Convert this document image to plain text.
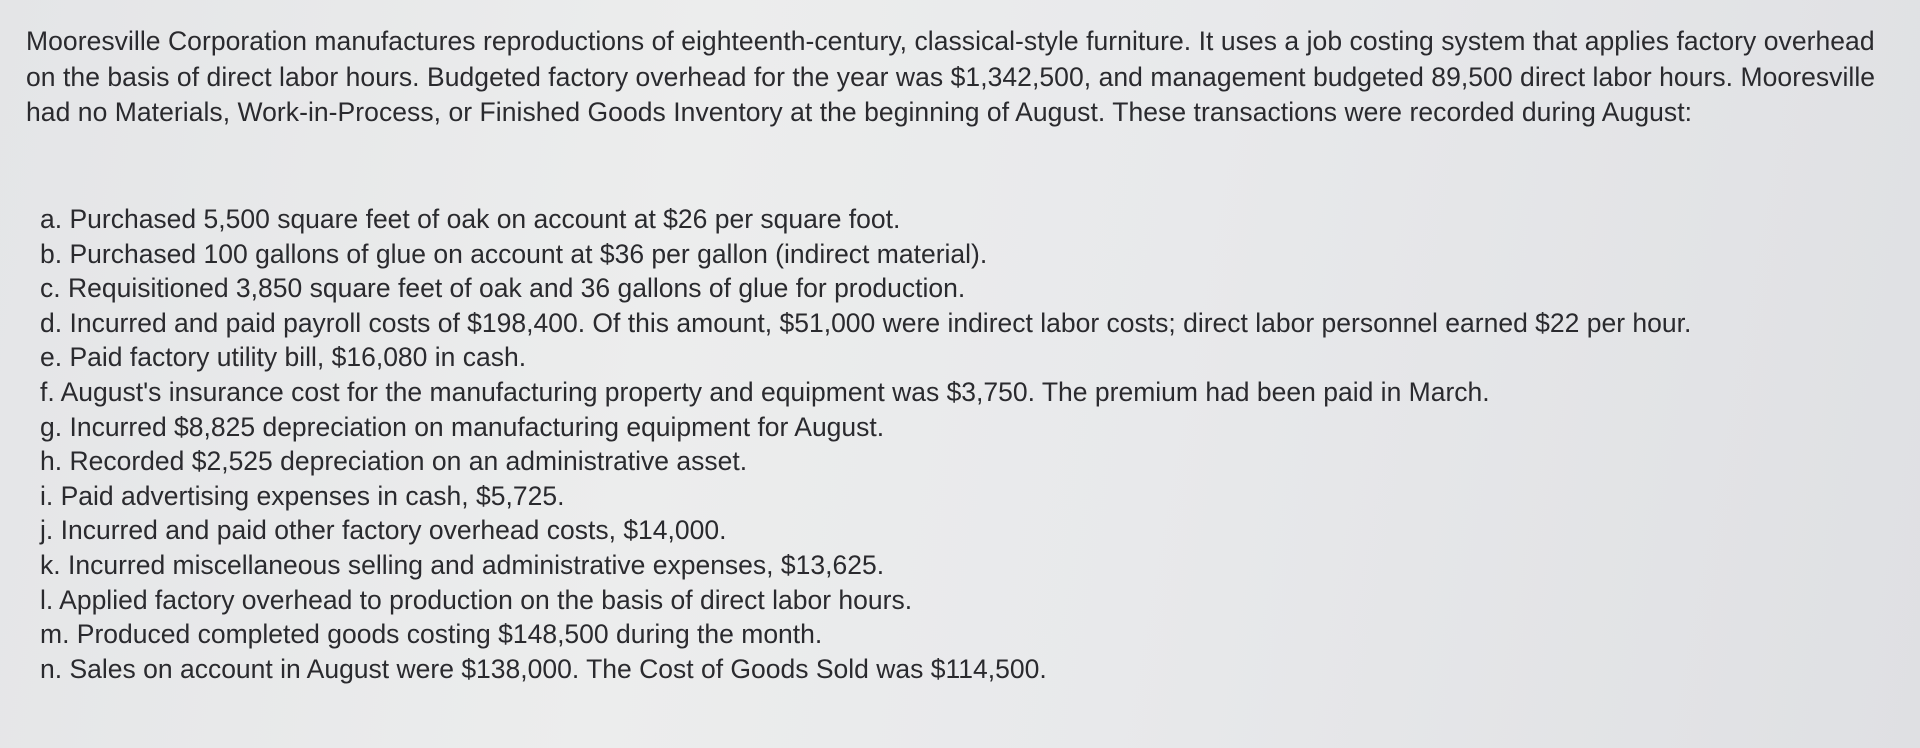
Mooresville Corporation manufactures reproductions of eighteenth-century, classical-style furniture. It uses a job costing system that applies factory overhead on the basis of direct labor hours. Budgeted factory overhead for the year was $1,342,500, and management budgeted 89,500 direct labor hours. Mooresville had no Materials, Work-in-Process, or Finished Goods Inventory at the beginning of August. These transactions were recorded during August:

a. Purchased 5,500 square feet of oak on account at $26 per square foot.
b. Purchased 100 gallons of glue on account at $36 per gallon (indirect material).
c. Requisitioned 3,850 square feet of oak and 36 gallons of glue for production.
d. Incurred and paid payroll costs of $198,400. Of this amount, $51,000 were indirect labor costs; direct labor personnel earned $22 per hour.
e. Paid factory utility bill, $16,080 in cash.
f. August's insurance cost for the manufacturing property and equipment was $3,750. The premium had been paid in March.
g. Incurred $8,825 depreciation on manufacturing equipment for August.
h. Recorded $2,525 depreciation on an administrative asset.
i. Paid advertising expenses in cash, $5,725.
j. Incurred and paid other factory overhead costs, $14,000.
k. Incurred miscellaneous selling and administrative expenses, $13,625.
l. Applied factory overhead to production on the basis of direct labor hours.
m. Produced completed goods costing $148,500 during the month.
n. Sales on account in August were $138,000. The Cost of Goods Sold was $114,500.
